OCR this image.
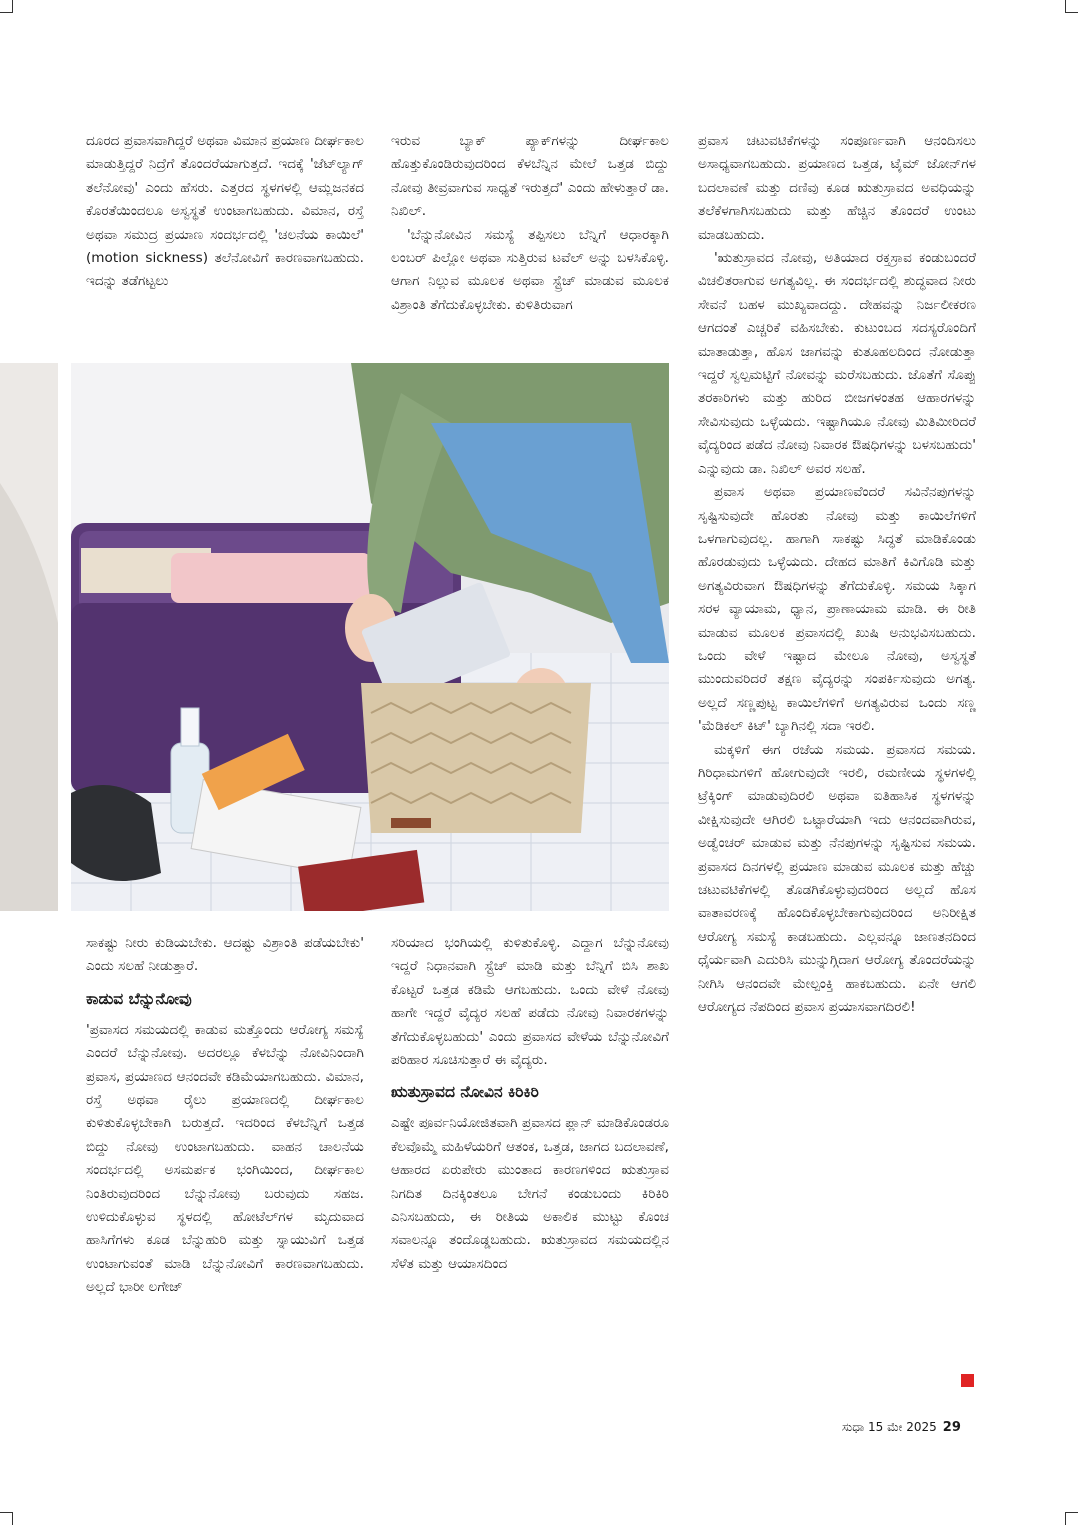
ದೂರದ ಪ್ರವಾಸವಾಗಿದ್ದರೆ ಅಥವಾ ವಿಮಾನ ಪ್ರಯಾಣ ದೀರ್ಘಕಾಲ ಮಾಡುತ್ತಿದ್ದರೆ ನಿದ್ರೆಗೆ ತೊಂದರೆಯಾಗುತ್ತದೆ. ಇದಕ್ಕೆ 'ಜೆಟ್‌ಲ್ಯಾಗ್ ತಲೆನೋವು' ಎಂದು ಹೆಸರು. ಎತ್ತರದ ಸ್ಥಳಗಳಲ್ಲಿ ಆಮ್ಲಜನಕದ ಕೊರತೆಯಿಂದಲೂ ಅಸ್ವಸ್ಥತೆ ಉಂಟಾಗಬಹುದು. ವಿಮಾನ, ರಸ್ತೆ ಅಥವಾ ಸಮುದ್ರ ಪ್ರಯಾಣ ಸಂದರ್ಭದಲ್ಲಿ 'ಚಲನೆಯ ಕಾಯಿಲೆ' (motion sickness) ತಲೆನೋವಿಗೆ ಕಾರಣವಾಗಬಹುದು. ಇದನ್ನು ತಡೆಗಟ್ಟಲು

ಇರುವ ಬ್ಯಾಕ್ ಪ್ಯಾಕ್‌ಗಳನ್ನು ದೀರ್ಘಕಾಲ ಹೊತ್ತುಕೊಂಡಿರುವುದರಿಂದ ಕೆಳಬೆನ್ನಿನ ಮೇಲೆ ಒತ್ತಡ ಬಿದ್ದು ನೋವು ತೀವ್ರವಾಗುವ ಸಾಧ್ಯತೆ ಇರುತ್ತದೆ' ಎಂದು ಹೇಳುತ್ತಾರೆ ಡಾ. ನಿಖಿಲ್.

'ಬೆನ್ನುನೋವಿನ ಸಮಸ್ಯೆ ತಪ್ಪಿಸಲು ಬೆನ್ನಿಗೆ ಆಧಾರಕ್ಕಾಗಿ ಲಂಬರ್ ಪಿಲ್ಲೋ ಅಥವಾ ಸುತ್ತಿರುವ ಟವೆಲ್ ಅನ್ನು ಬಳಸಿಕೊಳ್ಳಿ. ಆಗಾಗ ನಿಲ್ಲುವ ಮೂಲಕ ಅಥವಾ ಸ್ಟ್ರೆಚ್ ಮಾಡುವ ಮೂಲಕ ವಿಶ್ರಾಂತಿ ತೆಗೆದುಕೊಳ್ಳಬೇಕು. ಕುಳಿತಿರುವಾಗ

ಸಾಕಷ್ಟು ನೀರು ಕುಡಿಯಬೇಕು. ಆದಷ್ಟು ವಿಶ್ರಾಂತಿ ಪಡೆಯಬೇಕು' ಎಂದು ಸಲಹೆ ನೀಡುತ್ತಾರೆ.

ಕಾಡುವ ಬೆನ್ನುನೋವು

'ಪ್ರವಾಸದ ಸಮಯದಲ್ಲಿ ಕಾಡುವ ಮತ್ತೊಂದು ಆರೋಗ್ಯ ಸಮಸ್ಯೆ ಎಂದರೆ ಬೆನ್ನುನೋವು. ಅದರಲ್ಲೂ ಕೆಳಬೆನ್ನು ನೋವಿನಿಂದಾಗಿ ಪ್ರವಾಸ, ಪ್ರಯಾಣದ ಆನಂದವೇ ಕಡಿಮೆಯಾಗಬಹುದು. ವಿಮಾನ, ರಸ್ತೆ ಅಥವಾ ರೈಲು ಪ್ರಯಾಣದಲ್ಲಿ ದೀರ್ಘಕಾಲ ಕುಳಿತುಕೊಳ್ಳಬೇಕಾಗಿ ಬರುತ್ತದೆ. ಇದರಿಂದ ಕೆಳಬೆನ್ನಿಗೆ ಒತ್ತಡ ಬಿದ್ದು ನೋವು ಉಂಟಾಗಬಹುದು. ವಾಹನ ಚಾಲನೆಯ ಸಂದರ್ಭದಲ್ಲಿ ಅಸಮರ್ಪಕ ಭಂಗಿಯಿಂದ, ದೀರ್ಘಕಾಲ ನಿಂತಿರುವುದರಿಂದ ಬೆನ್ನುನೋವು ಬರುವುದು ಸಹಜ. ಉಳಿದುಕೊಳ್ಳುವ ಸ್ಥಳದಲ್ಲಿ ಹೋಟೆಲ್‌ಗಳ ಮೃದುವಾದ ಹಾಸಿಗೆಗಳು ಕೂಡ ಬೆನ್ನುಹುರಿ ಮತ್ತು ಸ್ನಾಯುವಿಗೆ ಒತ್ತಡ ಉಂಟಾಗುವಂತೆ ಮಾಡಿ ಬೆನ್ನುನೋವಿಗೆ ಕಾರಣವಾಗಬಹುದು. ಅಲ್ಲದೆ ಭಾರೀ ಲಗೇಜ್

ಸರಿಯಾದ ಭಂಗಿಯಲ್ಲಿ ಕುಳಿತುಕೊಳ್ಳಿ. ಎದ್ದಾಗ ಬೆನ್ನುನೋವು ಇದ್ದರೆ ನಿಧಾನವಾಗಿ ಸ್ಟ್ರೆಚ್ ಮಾಡಿ ಮತ್ತು ಬೆನ್ನಿಗೆ ಬಿಸಿ ಶಾಖ ಕೊಟ್ಟರೆ ಒತ್ತಡ ಕಡಿಮೆ ಆಗಬಹುದು. ಒಂದು ವೇಳೆ ನೋವು ಹಾಗೇ ಇದ್ದರೆ ವೈದ್ಯರ ಸಲಹೆ ಪಡೆದು ನೋವು ನಿವಾರಕಗಳನ್ನು ತೆಗೆದುಕೊಳ್ಳಬಹುದು' ಎಂದು ಪ್ರವಾಸದ ವೇಳೆಯ ಬೆನ್ನುನೋವಿಗೆ ಪರಿಹಾರ ಸೂಚಿಸುತ್ತಾರೆ ಈ ವೈದ್ಯರು.

ಋತುಸ್ರಾವದ ನೋವಿನ ಕಿರಿಕಿರಿ

ಎಷ್ಟೇ ಪೂರ್ವನಿಯೋಜಿತವಾಗಿ ಪ್ರವಾಸದ ಪ್ಲಾನ್ ಮಾಡಿಕೊಂಡರೂ ಕೆಲವೊಮ್ಮೆ ಮಹಿಳೆಯರಿಗೆ ಆತಂಕ, ಒತ್ತಡ, ಜಾಗದ ಬದಲಾವಣೆ, ಆಹಾರದ ಏರುಪೇರು ಮುಂತಾದ ಕಾರಣಗಳಿಂದ ಋತುಸ್ರಾವ ನಿಗದಿತ ದಿನಕ್ಕಿಂತಲೂ ಬೇಗನೆ ಕಂಡುಬಂದು ಕಿರಿಕಿರಿ ಎನಿಸಬಹುದು, ಈ ರೀತಿಯ ಅಕಾಲಿಕ ಮುಟ್ಟು ಕೊಂಚ ಸವಾಲನ್ನೂ ತಂದೊಡ್ಡಬಹುದು. ಋತುಸ್ರಾವದ ಸಮಯದಲ್ಲಿನ ಸೆಳೆತ ಮತ್ತು ಆಯಾಸದಿಂದ

ಪ್ರವಾಸ ಚಟುವಟಿಕೆಗಳನ್ನು ಸಂಪೂರ್ಣವಾಗಿ ಆನಂದಿಸಲು ಅಸಾಧ್ಯವಾಗಬಹುದು. ಪ್ರಯಾಣದ ಒತ್ತಡ, ಟೈಮ್ ಜೋನ್‌ಗಳ ಬದಲಾವಣೆ ಮತ್ತು ದಣಿವು ಕೂಡ ಋತುಸ್ರಾವದ ಅವಧಿಯನ್ನು ತಲೆಕೆಳಗಾಗಿಸಬಹುದು ಮತ್ತು ಹೆಚ್ಚಿನ ತೊಂದರೆ ಉಂಟು ಮಾಡಬಹುದು.

'ಋತುಸ್ರಾವದ ನೋವು, ಅತಿಯಾದ ರಕ್ತಸ್ರಾವ ಕಂಡುಬಂದರೆ ವಿಚಲಿತರಾಗುವ ಅಗತ್ಯವಿಲ್ಲ. ಈ ಸಂದರ್ಭದಲ್ಲಿ ಶುದ್ಧವಾದ ನೀರು ಸೇವನೆ ಬಹಳ ಮುಖ್ಯವಾದದ್ದು. ದೇಹವನ್ನು ನಿರ್ಜಲೀಕರಣ ಆಗದಂತೆ ಎಚ್ಚರಿಕೆ ವಹಿಸಬೇಕು. ಕುಟುಂಬದ ಸದಸ್ಯರೊಂದಿಗೆ ಮಾತಾಡುತ್ತಾ, ಹೊಸ ಜಾಗವನ್ನು ಕುತೂಹಲದಿಂದ ನೋಡುತ್ತಾ ಇದ್ದರೆ ಸ್ವಲ್ಪಮಟ್ಟಿಗೆ ನೋವನ್ನು ಮರೆಸಬಹುದು. ಜೊತೆಗೆ ಸೊಪ್ಪು ತರಕಾರಿಗಳು ಮತ್ತು ಹುರಿದ ಬೀಜಗಳಂತಹ ಆಹಾರಗಳನ್ನು ಸೇವಿಸುವುದು ಒಳ್ಳೆಯದು. ಇಷ್ಟಾಗಿಯೂ ನೋವು ಮಿತಿಮೀರಿದರೆ ವೈದ್ಯರಿಂದ ಪಡೆದ ನೋವು ನಿವಾರಕ ಔಷಧಿಗಳನ್ನು ಬಳಸಬಹುದು' ಎನ್ನುವುದು ಡಾ. ನಿಖಿಲ್ ಅವರ ಸಲಹೆ.

ಪ್ರವಾಸ ಅಥವಾ ಪ್ರಯಾಣವೆಂದರೆ ಸವಿನೆನಪುಗಳನ್ನು ಸೃಷ್ಟಿಸುವುದೇ ಹೊರತು ನೋವು ಮತ್ತು ಕಾಯಿಲೆಗಳಿಗೆ ಒಳಗಾಗುವುದಲ್ಲ. ಹಾಗಾಗಿ ಸಾಕಷ್ಟು ಸಿದ್ಧತೆ ಮಾಡಿಕೊಂಡು ಹೊರಡುವುದು ಒಳ್ಳೆಯದು. ದೇಹದ ಮಾತಿಗೆ ಕಿವಿಗೊಡಿ ಮತ್ತು ಅಗತ್ಯವಿರುವಾಗ ಔಷಧಿಗಳನ್ನು ತೆಗೆದುಕೊಳ್ಳಿ. ಸಮಯ ಸಿಕ್ಕಾಗ ಸರಳ ವ್ಯಾಯಾಮ, ಧ್ಯಾನ, ಪ್ರಾಣಾಯಾಮ ಮಾಡಿ. ಈ ರೀತಿ ಮಾಡುವ ಮೂಲಕ ಪ್ರವಾಸದಲ್ಲಿ ಖುಷಿ ಅನುಭವಿಸಬಹುದು. ಒಂದು ವೇಳೆ ಇಷ್ಟಾದ ಮೇಲೂ ನೋವು, ಅಸ್ವಸ್ಥತೆ ಮುಂದುವರಿದರೆ ತಕ್ಷಣ ವೈದ್ಯರನ್ನು ಸಂಪರ್ಕಿಸುವುದು ಅಗತ್ಯ. ಅಲ್ಲದೆ ಸಣ್ಣಪುಟ್ಟ ಕಾಯಿಲೆಗಳಿಗೆ ಅಗತ್ಯವಿರುವ ಒಂದು ಸಣ್ಣ 'ಮೆಡಿಕಲ್ ಕಿಟ್' ಬ್ಯಾಗಿನಲ್ಲಿ ಸದಾ ಇರಲಿ.

ಮಕ್ಕಳಿಗೆ ಈಗ ರಜೆಯ ಸಮಯ. ಪ್ರವಾಸದ ಸಮಯ. ಗಿರಿಧಾಮಗಳಿಗೆ ಹೋಗುವುದೇ ಇರಲಿ, ರಮಣೀಯ ಸ್ಥಳಗಳಲ್ಲಿ ಟ್ರೆಕ್ಕಿಂಗ್ ಮಾಡುವುದಿರಲಿ ಅಥವಾ ಐತಿಹಾಸಿಕ ಸ್ಥಳಗಳನ್ನು ವೀಕ್ಷಿಸುವುದೇ ಆಗಿರಲಿ ಒಟ್ಟಾರೆಯಾಗಿ ಇದು ಆನಂದವಾಗಿರುವ, ಅಡ್ವೆಂಚರ್ ಮಾಡುವ ಮತ್ತು ನೆನಪುಗಳನ್ನು ಸೃಷ್ಟಿಸುವ ಸಮಯ. ಪ್ರವಾಸದ ದಿನಗಳಲ್ಲಿ ಪ್ರಯಾಣ ಮಾಡುವ ಮೂಲಕ ಮತ್ತು ಹೆಚ್ಚು ಚಟುವಟಿಕೆಗಳಲ್ಲಿ ತೊಡಗಿಕೊಳ್ಳುವುದರಿಂದ ಅಲ್ಲದೆ ಹೊಸ ವಾತಾವರಣಕ್ಕೆ ಹೊಂದಿಕೊಳ್ಳಬೇಕಾಗುವುದರಿಂದ ಅನಿರೀಕ್ಷಿತ ಆರೋಗ್ಯ ಸಮಸ್ಯೆ ಕಾಡಬಹುದು. ಎಲ್ಲವನ್ನೂ ಜಾಣತನದಿಂದ ಧೈರ್ಯವಾಗಿ ಎದುರಿಸಿ ಮುನ್ನುಗ್ಗಿದಾಗ ಆರೋಗ್ಯ ತೊಂದರೆಯನ್ನು ನೀಗಿಸಿ ಆನಂದವೇ ಮೇಲ್ಪಂಕ್ತಿ ಹಾಕಬಹುದು. ಏನೇ ಆಗಲಿ ಆರೋಗ್ಯದ ನೆಪದಿಂದ ಪ್ರವಾಸ ಪ್ರಯಾಸವಾಗದಿರಲಿ!

ಸುಧಾ 15 ಮೇ 2025 29
